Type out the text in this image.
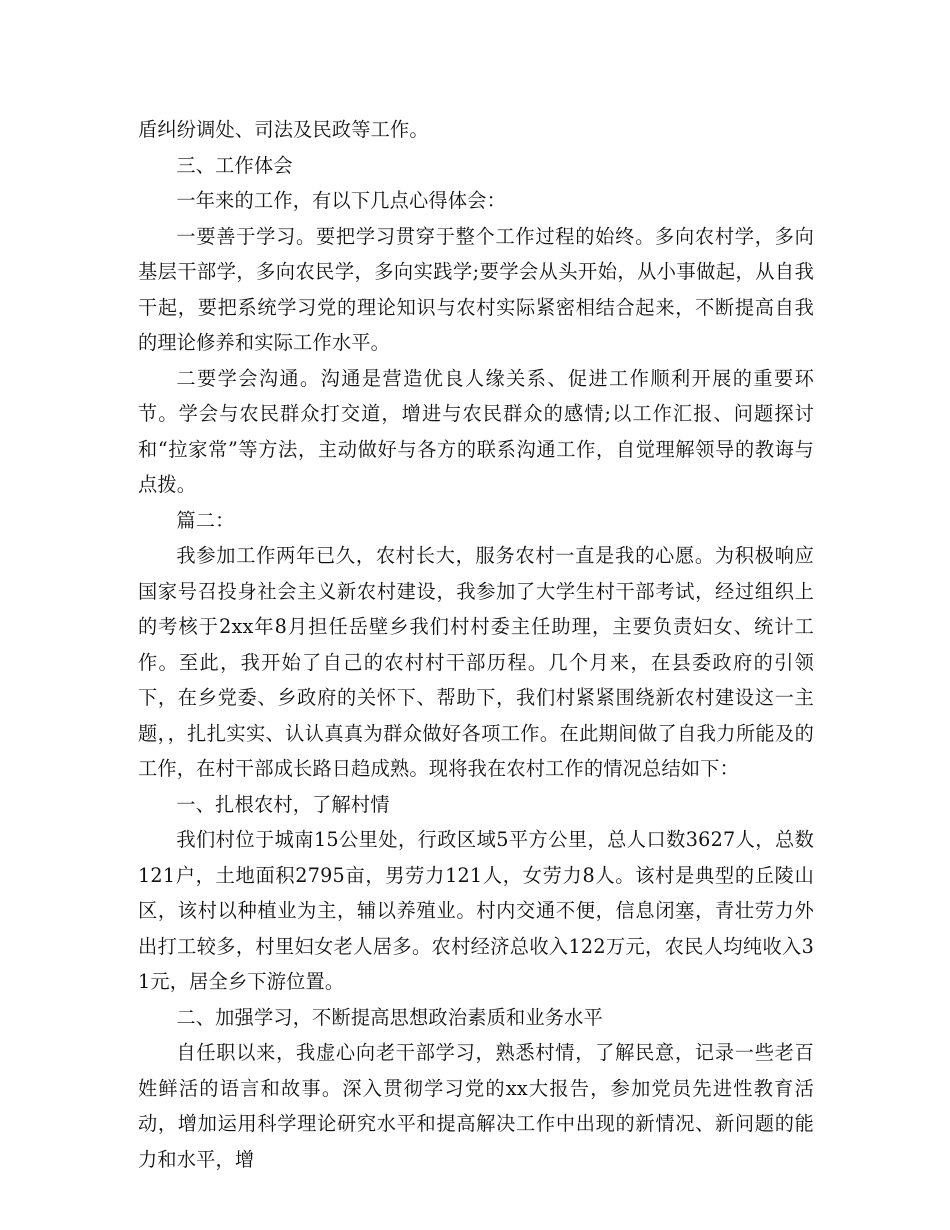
盾纠纷调处、司法及民政等工作。

三、工作体会

一年来的工作，有以下几点心得体会：

一要善于学习。要把学习贯穿于整个工作过程的始终。多向农村学，多向基层干部学，多向农民学，多向实践学;要学会从头开始，从小事做起，从自我干起，要把系统学习党的理论知识与农村实际紧密相结合起来，不断提高自我的理论修养和实际工作水平。

二要学会沟通。沟通是营造优良人缘关系、促进工作顺利开展的重要环节。学会与农民群众打交道，增进与农民群众的感情;以工作汇报、问题探讨和“拉家常”等方法，主动做好与各方的联系沟通工作，自觉理解领导的教诲与点拨。

篇二：

我参加工作两年已久，农村长大，服务农村一直是我的心愿。为积极响应国家号召投身社会主义新农村建设，我参加了大学生村干部考试，经过组织上的考核于2xx年8月担任岳壁乡我们村村委主任助理，主要负责妇女、统计工作。至此，我开始了自己的农村村干部历程。几个月来，在县委政府的引领下，在乡党委、乡政府的关怀下、帮助下，我们村紧紧围绕新农村建设这一主题，，扎扎实实、认认真真为群众做好各项工作。在此期间做了自我力所能及的工作，在村干部成长路日趋成熟。现将我在农村工作的情况总结如下：

一、扎根农村，了解村情

我们村位于城南15公里处，行政区域5平方公里，总人口数3627人，总数121户，土地面积2795亩，男劳力121人，女劳力8人。该村是典型的丘陵山区，该村以种植业为主，辅以养殖业。村内交通不便，信息闭塞，青壮劳力外出打工较多，村里妇女老人居多。农村经济总收入122万元，农民人均纯收入31元，居全乡下游位置。

二、加强学习，不断提高思想政治素质和业务水平

自任职以来，我虚心向老干部学习，熟悉村情，了解民意，记录一些老百姓鲜活的语言和故事。深入贯彻学习党的xx大报告，参加党员先进性教育活动，增加运用科学理论研究水平和提高解决工作中出现的新情况、新问题的能力和水平，增
